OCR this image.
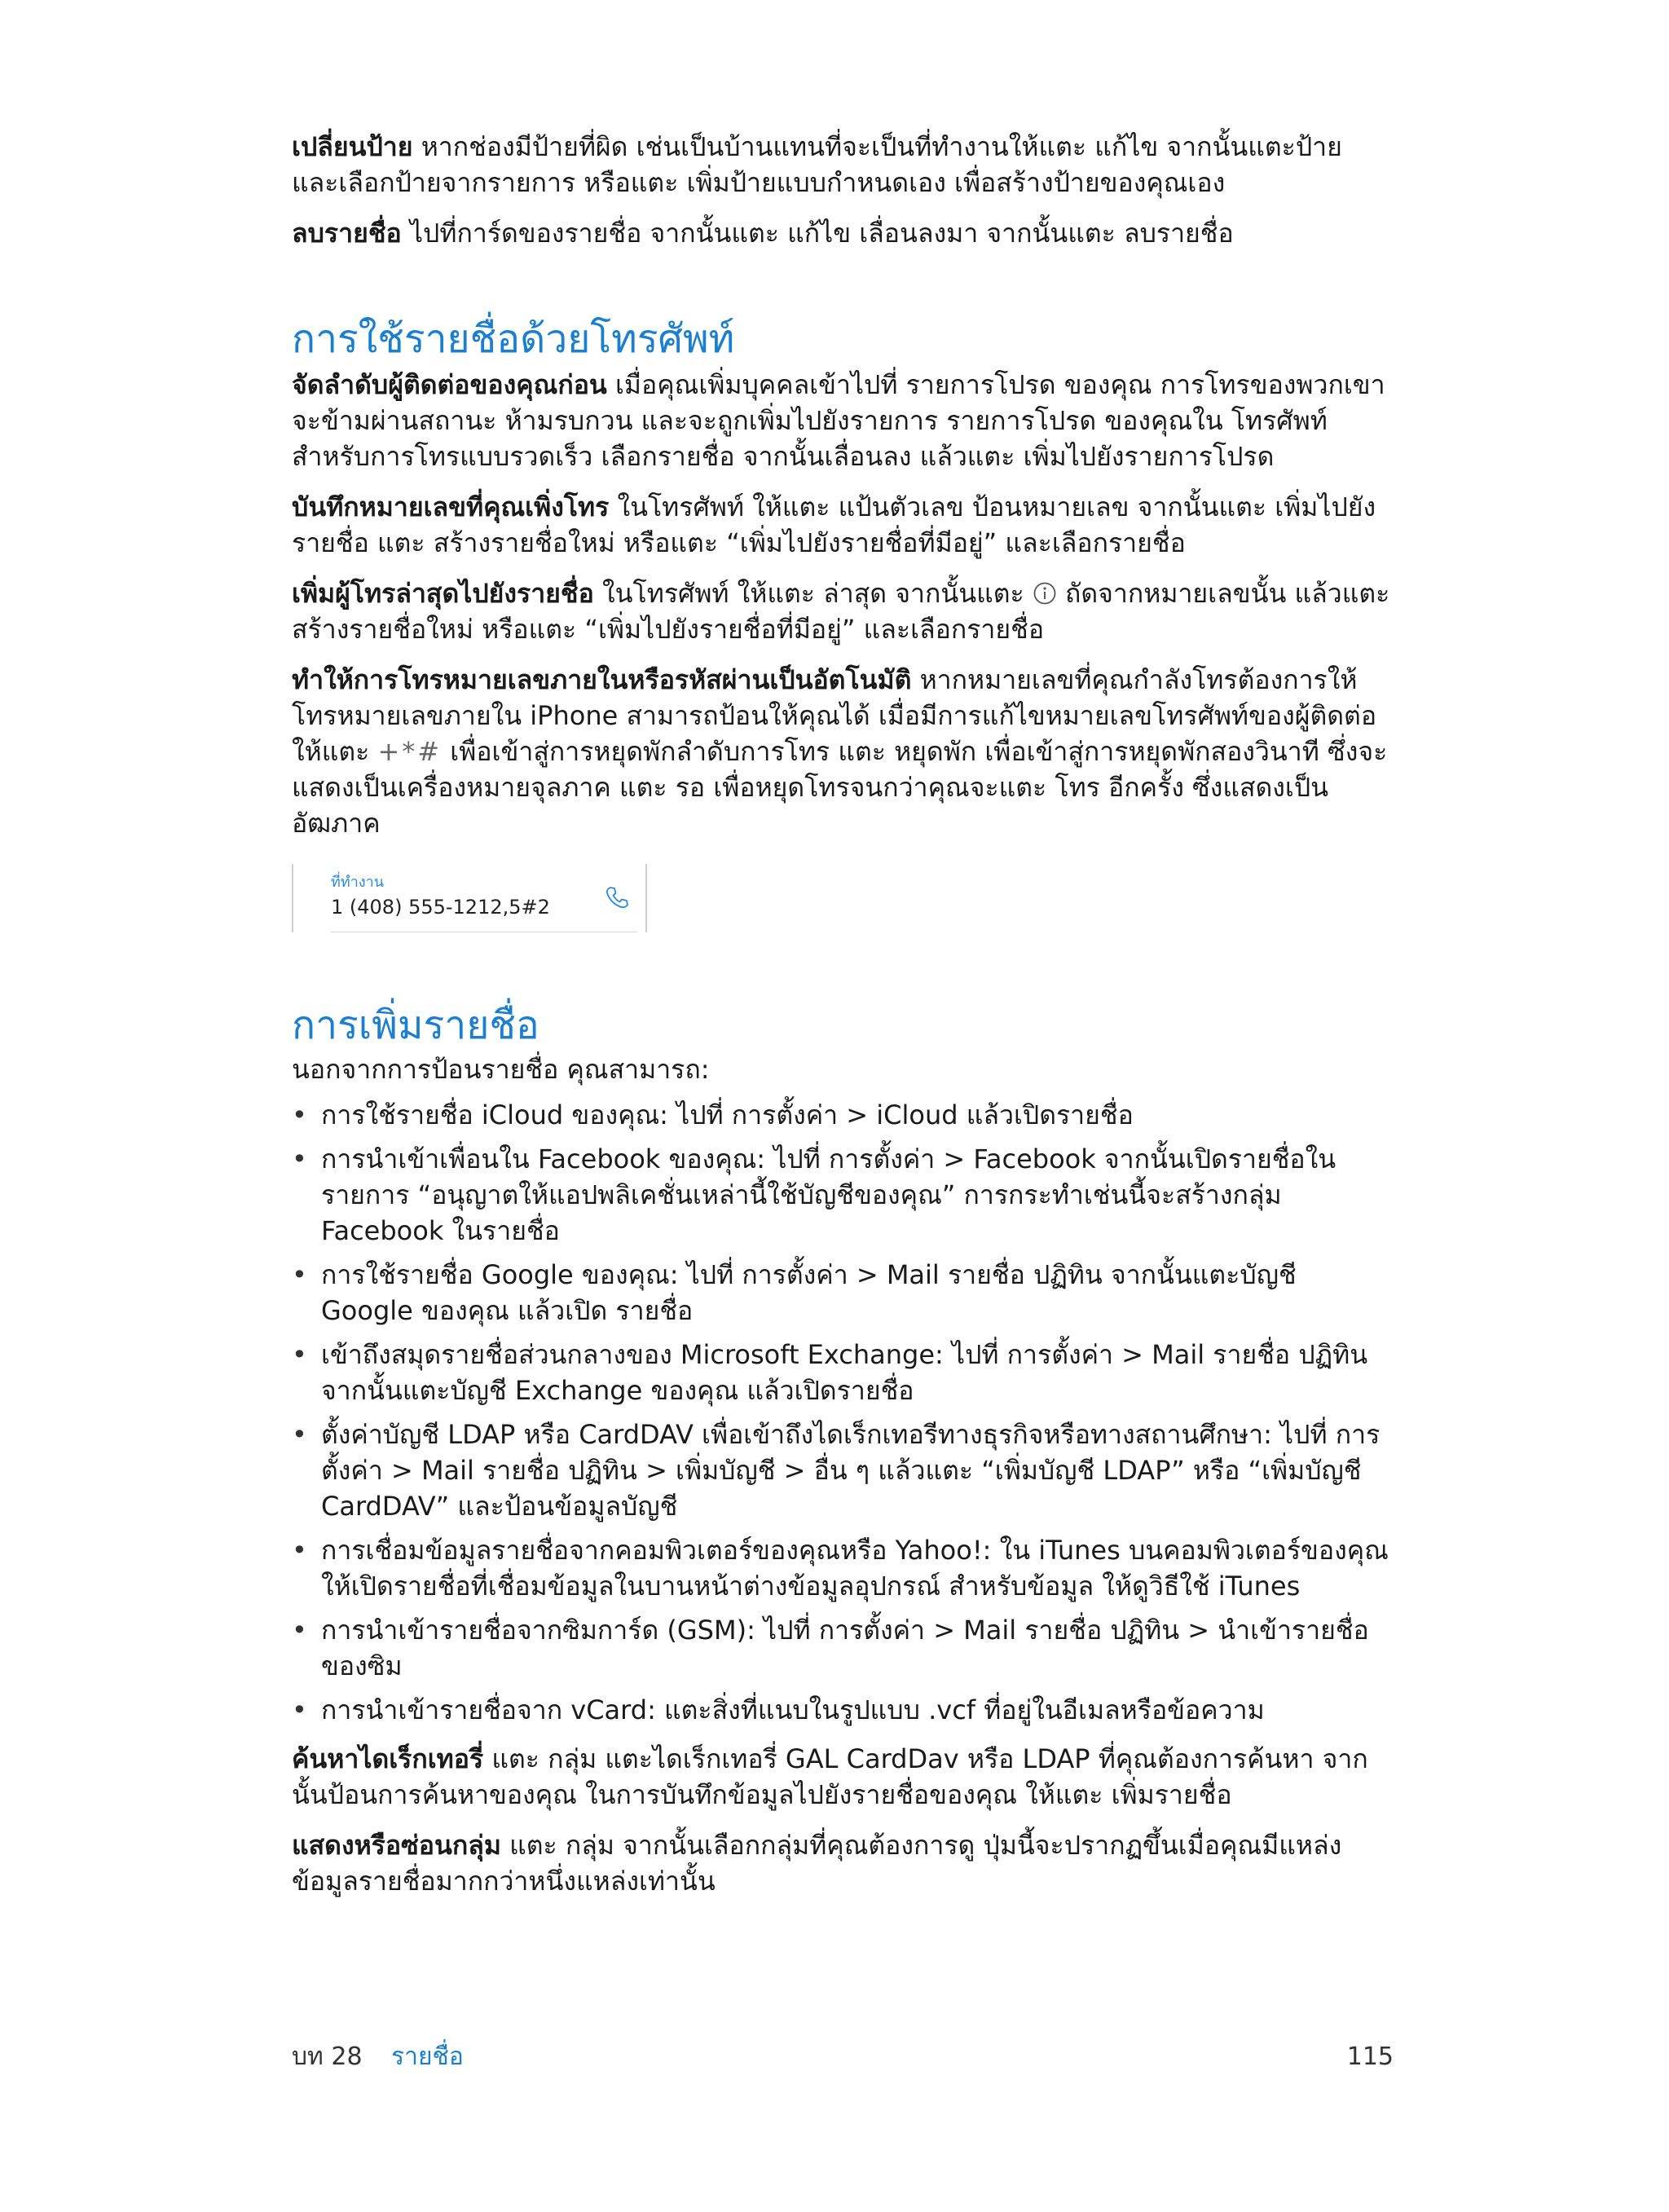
เปลี่ยนป้าย หากช่องมีป้ายที่ผิด เช่นเป็นบ้านแทนที่จะเป็นที่ทำงานให้แตะ แก้ไข จากนั้นแตะป้าย และเลือกป้ายจากรายการ หรือแตะ เพิ่มป้ายแบบกำหนดเอง เพื่อสร้างป้ายของคุณเอง

ลบรายชื่อ ไปที่การ์ดของรายชื่อ จากนั้นแตะ แก้ไข เลื่อนลงมา จากนั้นแตะ ลบรายชื่อ

การใช้รายชื่อด้วยโทรศัพท์

จัดลำดับผู้ติดต่อของคุณก่อน เมื่อคุณเพิ่มบุคคลเข้าไปที่ รายการโปรด ของคุณ การโทรของพวกเขาจะข้ามผ่านสถานะ ห้ามรบกวน และจะถูกเพิ่มไปยังรายการ รายการโปรด ของคุณใน โทรศัพท์ สำหรับการโทรแบบรวดเร็ว เลือกรายชื่อ จากนั้นเลื่อนลง แล้วแตะ เพิ่มไปยังรายการโปรด

บันทึกหมายเลขที่คุณเพิ่งโทร ในโทรศัพท์ ให้แตะ แป้นตัวเลข ป้อนหมายเลข จากนั้นแตะ เพิ่มไปยังรายชื่อ แตะ สร้างรายชื่อใหม่ หรือแตะ “เพิ่มไปยังรายชื่อที่มีอยู่” และเลือกรายชื่อ

เพิ่มผู้โทรล่าสุดไปยังรายชื่อ ในโทรศัพท์ ให้แตะ ล่าสุด จากนั้นแตะ  ถัดจากหมายเลขนั้น แล้วแตะ สร้างรายชื่อใหม่ หรือแตะ “เพิ่มไปยังรายชื่อที่มีอยู่” และเลือกรายชื่อ

ทำให้การโทรหมายเลขภายในหรือรหัสผ่านเป็นอัตโนมัติ หากหมายเลขที่คุณกำลังโทรต้องการให้โทรหมายเลขภายใน iPhone สามารถป้อนให้คุณได้ เมื่อมีการแก้ไขหมายเลขโทรศัพท์ของผู้ติดต่อ ให้แตะ +*# เพื่อเข้าสู่การหยุดพักลำดับการโทร แตะ หยุดพัก เพื่อเข้าสู่การหยุดพักสองวินาที ซึ่งจะแสดงเป็นเครื่องหมายจุลภาค แตะ รอ เพื่อหยุดโทรจนกว่าคุณจะแตะ โทร อีกครั้ง ซึ่งแสดงเป็นอัฒภาค

ที่ทำงาน
1 (408) 555-1212,5#2
การเพิ่มรายชื่อ

นอกจากการป้อนรายชื่อ คุณสามารถ:

• การใช้รายชื่อ iCloud ของคุณ: ไปที่ การตั้งค่า > iCloud แล้วเปิดรายชื่อ
• การนำเข้าเพื่อนใน Facebook ของคุณ: ไปที่ การตั้งค่า > Facebook จากนั้นเปิดรายชื่อในรายการ “อนุญาตให้แอปพลิเคชั่นเหล่านี้ใช้บัญชีของคุณ” การกระทำเช่นนี้จะสร้างกลุ่ม Facebook ในรายชื่อ
• การใช้รายชื่อ Google ของคุณ: ไปที่ การตั้งค่า > Mail รายชื่อ ปฏิทิน จากนั้นแตะบัญชี Google ของคุณ แล้วเปิด รายชื่อ
• เข้าถึงสมุดรายชื่อส่วนกลางของ Microsoft Exchange: ไปที่ การตั้งค่า > Mail รายชื่อ ปฏิทิน จากนั้นแตะบัญชี Exchange ของคุณ แล้วเปิดรายชื่อ
• ตั้งค่าบัญชี LDAP หรือ CardDAV เพื่อเข้าถึงไดเร็กเทอรีทางธุรกิจหรือทางสถานศึกษา: ไปที่ การตั้งค่า > Mail รายชื่อ ปฏิทิน > เพิ่มบัญชี > อื่น ๆ แล้วแตะ “เพิ่มบัญชี LDAP” หรือ “เพิ่มบัญชี CardDAV” และป้อนข้อมูลบัญชี
• การเชื่อมข้อมูลรายชื่อจากคอมพิวเตอร์ของคุณหรือ Yahoo!: ใน iTunes บนคอมพิวเตอร์ของคุณ ให้เปิดรายชื่อที่เชื่อมข้อมูลในบานหน้าต่างข้อมูลอุปกรณ์ สำหรับข้อมูล ให้ดูวิธีใช้ iTunes
• การนำเข้ารายชื่อจากซิมการ์ด (GSM): ไปที่ การตั้งค่า > Mail รายชื่อ ปฏิทิน > นำเข้ารายชื่อของซิม
• การนำเข้ารายชื่อจาก vCard: แตะสิ่งที่แนบในรูปแบบ .vcf ที่อยู่ในอีเมลหรือข้อความ

ค้นหาไดเร็กเทอรี่ แตะ กลุ่ม แตะไดเร็กเทอรี่ GAL CardDav หรือ LDAP ที่คุณต้องการค้นหา จากนั้นป้อนการค้นหาของคุณ ในการบันทึกข้อมูลไปยังรายชื่อของคุณ ให้แตะ เพิ่มรายชื่อ

แสดงหรือซ่อนกลุ่ม แตะ กลุ่ม จากนั้นเลือกกลุ่มที่คุณต้องการดู ปุ่มนี้จะปรากฏขึ้นเมื่อคุณมีแหล่งข้อมูลรายชื่อมากกว่าหนึ่งแหล่งเท่านั้น

บท 28 รายชื่อ	115
